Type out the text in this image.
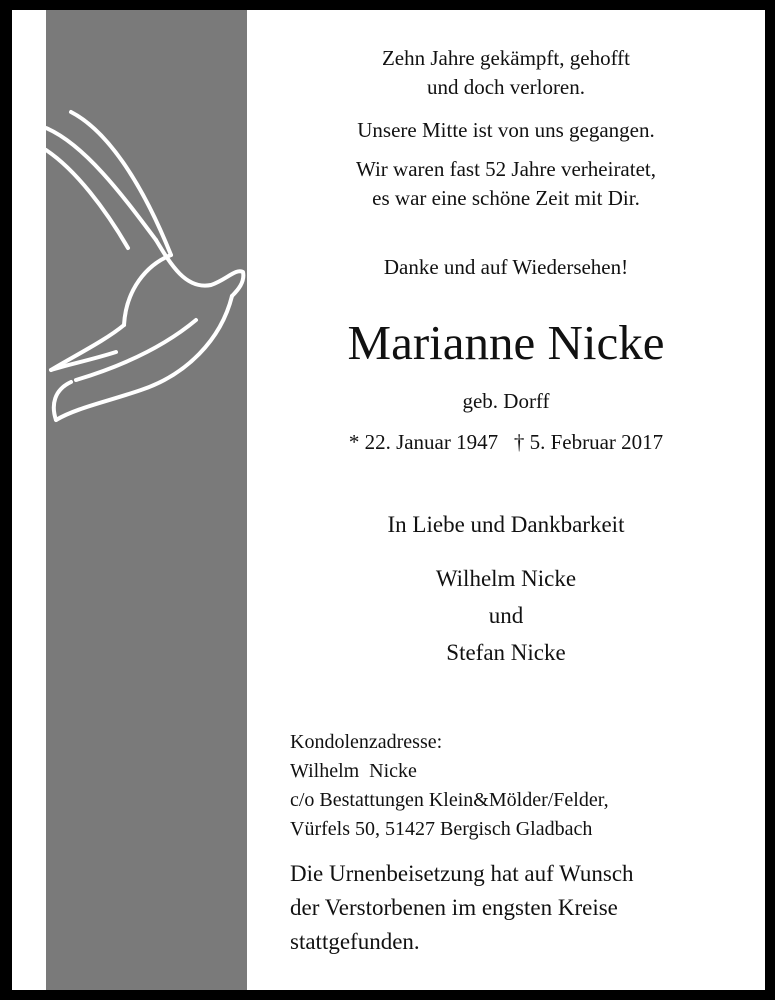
Zehn Jahre gekämpft, gehofft
und doch verloren.
Unsere Mitte ist von uns gegangen.
Wir waren fast 52 Jahre verheiratet,
es war eine schöne Zeit mit Dir.
Danke und auf Wiedersehen!
Marianne Nicke
geb. Dorff
* 22. Januar 1947   † 5. Februar 2017
In Liebe und Dankbarkeit
Wilhelm Nicke
und
Stefan Nicke
Kondolenzadresse:
Wilhelm  Nicke
c/o Bestattungen Klein&Mölder/Felder,
Vürfels 50, 51427 Bergisch Gladbach
Die Urnenbeisetzung hat auf Wunsch
der Verstorbenen im engsten Kreise
stattgefunden.
